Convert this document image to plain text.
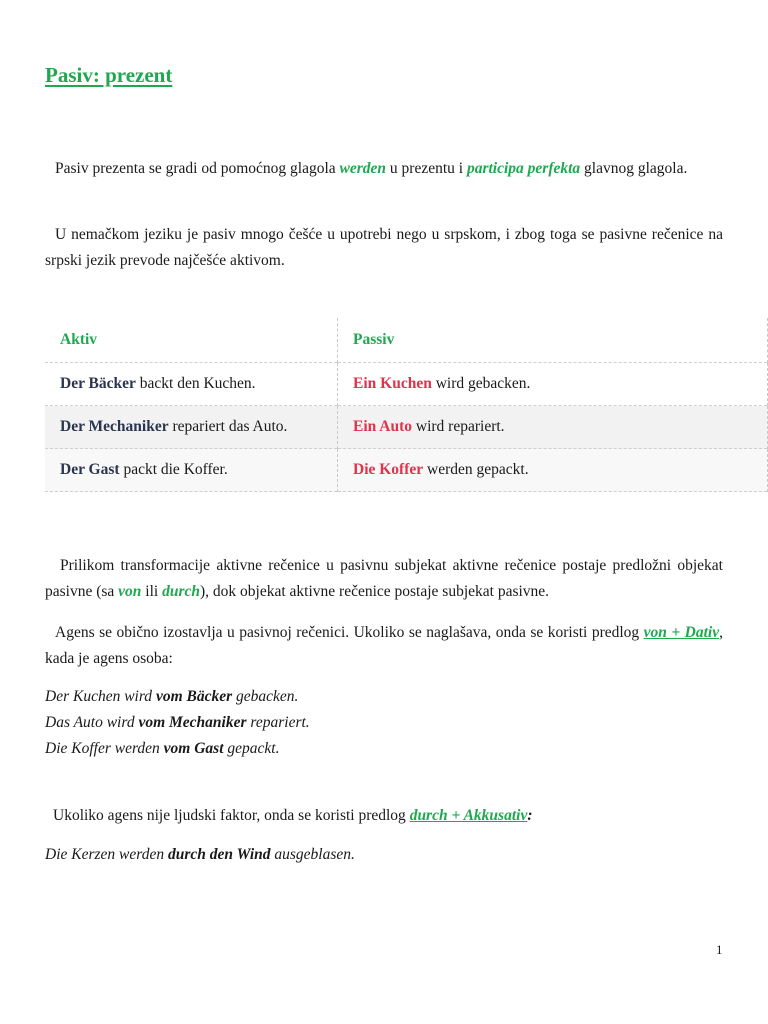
Pasiv: prezent

Pasiv prezenta se gradi od pomoćnog glagola werden u prezentu i participa perfekta glavnog glagola.

U nemačkom jeziku je pasiv mnogo češće u upotrebi nego u srpskom, i zbog toga se pasivne rečenice na srpski jezik prevode najčešće aktivom.

Aktiv	Passiv
Der Bäcker backt den Kuchen.	Ein Kuchen wird gebacken.
Der Mechaniker repariert das Auto.	Ein Auto wird repariert.
Der Gast packt die Koffer.	Die Koffer werden gepackt.

Prilikom transformacije aktivne rečenice u pasivnu subjekat aktivne rečenice postaje predložni objekat pasivne (sa von ili durch), dok objekat aktivne rečenice postaje subjekat pasivne.

Agens se obično izostavlja u pasivnoj rečenici. Ukoliko se naglašava, onda se koristi predlog von + Dativ, kada je agens osoba:

Der Kuchen wird vom Bäcker gebacken.

Das Auto wird vom Mechaniker repariert.

Die Koffer werden vom Gast gepackt.

Ukoliko agens nije ljudski faktor, onda se koristi predlog durch + Akkusativ:

Die Kerzen werden durch den Wind ausgeblasen.

1
